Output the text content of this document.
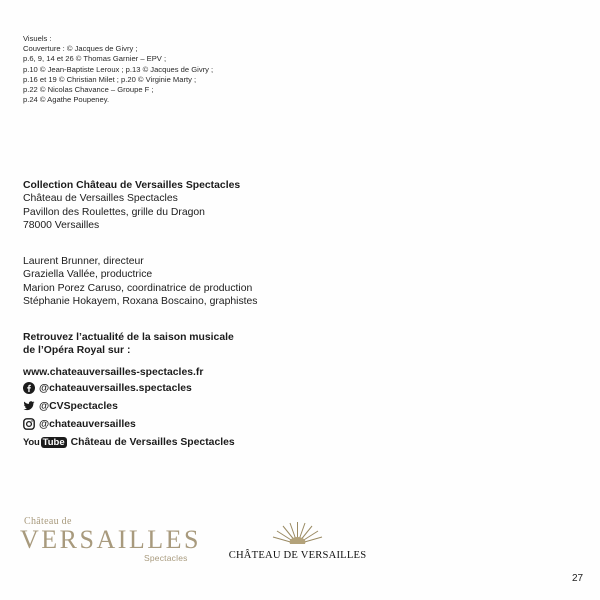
Visuels :
Couverture : © Jacques de Givry ;
p.6, 9, 14 et 26 © Thomas Garnier – EPV ;
p.10 © Jean-Baptiste Leroux ; p.13 © Jacques de Givry ;
p.16 et 19 © Christian Milet ; p.20 © Virginie Marty ;
p.22 © Nicolas Chavance – Groupe F ;
p.24 © Agathe Poupeney.
Collection Château de Versailles Spectacles
Château de Versailles Spectacles
Pavillon des Roulettes, grille du Dragon
78000 Versailles
Laurent Brunner, directeur
Graziella Vallée, productrice
Marion Porez Caruso, coordinatrice de production
Stéphanie Hokayem, Roxana Boscaino, graphistes
Retrouvez l’actualité de la saison musicale
de l’Opéra Royal sur :
www.chateauversailles-spectacles.fr
@chateauversailles.spectacles
@CVSpectacles
@chateauversailles
You Tube Château de Versailles Spectacles
Château de
VERSAILLES
Spectacles	CHÂTEAU DE VERSAILLES
27
